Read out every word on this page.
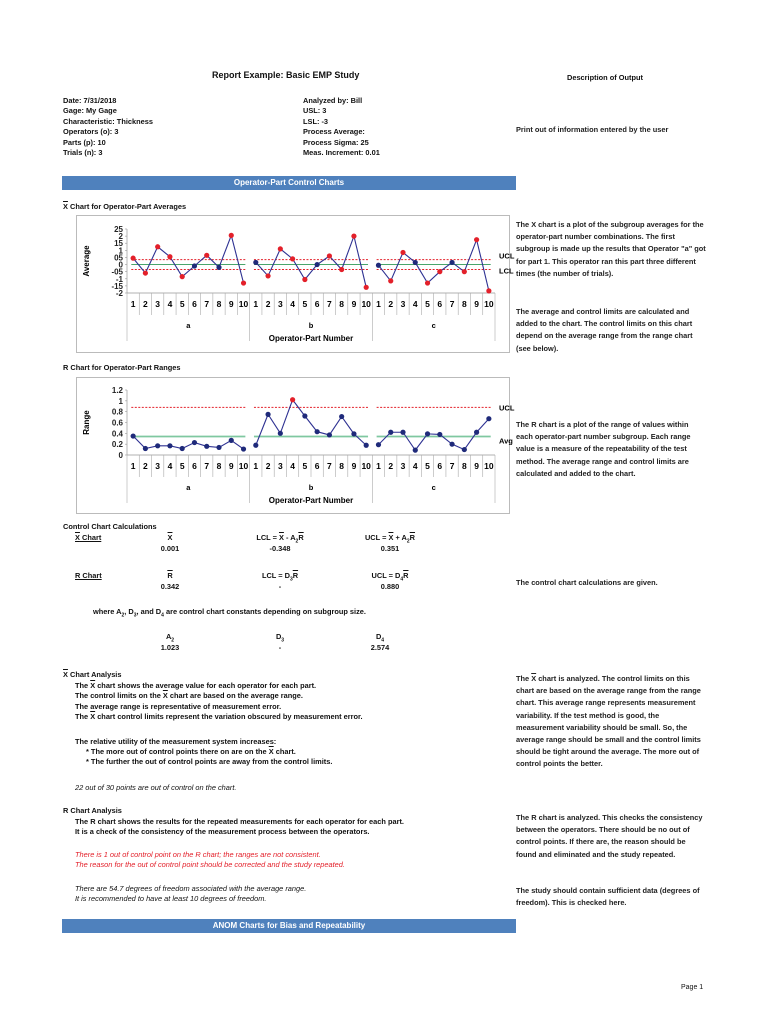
Report Example: Basic EMP Study	Description of Output
Date: 7/31/2018
Gage: My Gage
Characteristic: Thickness
Operators (o): 3
Parts (p): 10
Trials (n): 3
Analyzed by: Bill
USL: 3
LSL: -3
Process Average:
Process Sigma: 25
Meas. Increment: 0.01
Print out of information entered by the user
Operator-Part Control Charts
$\overline{X}$ Chart for Operator-Part Averages
25
2
15
1
05
0
-05
-1
-15
-2
Average
1 2 3 4 5 6 7 8 9 10
a
1 2 3 4 5 6 7 8 9 10
b
1 2 3 4 5 6 7 8 9 10
c
Operator-Part Number
UCL
LCL
The X chart is a plot of the subgroup averages for the operator-part number combinations. The first subgroup is made up the results that Operator "a" got for part 1. This operator ran this part three different times (the number of trials).
The average and control limits are calculated and added to the chart. The control limits on this chart depend on the average range from the range chart (see below).
R Chart for Operator-Part Ranges
1.2
1
0.8
0.6
0.4
0.2
0
Range
1 2 3 4 5 6 7 8 9 10
a
1 2 3 4 5 6 7 8 9 10
b
1 2 3 4 5 6 7 8 9 10
c
Operator-Part Number
UCL
Avg
The R chart is a plot of the range of values within each operator-part number subgroup. Each range value is a measure of the repeatability of the test method. The average range and control limits are calculated and added to the chart.
Control Chart Calculations
X Chart	$\overline{X}$
0.001
LCL = $\overline{X} - A_2\overline{R}$
-0.348
UCL = $\overline{X} + A_2\overline{R}$
0.351
R Chart	$\overline{R}$
0.342
LCL = $D_3\overline{R}$
-
UCL = $D_4\overline{R}$
0.880	The control chart calculations are given.
where $A_2$, $D_3$, and $D_4$ are control chart constants depending on subgroup size.
$A_2$
1.023
$D_3$
-
$D_4$
2.574
$\overline{X}$ Chart Analysis
The $\overline{X}$ chart shows the average value for each operator for each part.
The control limits on the $\overline{X}$ chart are based on the average range.
The average range is representative of measurement error.
The $\overline{X}$ chart control limits represent the variation obscured by measurement error.
The relative utility of the measurement system increases:
* The more out of control points there on are on the $\overline{X}$ chart.
* The further the out of control points are away from the control limits.
22 out of 30 points are out of control on the chart.
The $\overline{X}$ chart is analyzed. The control limits on this chart are based on the average range from the range chart. This average range represents measurement variability. If the test method is good, the measurement variability should be small. So, the average range should be small and the control limits should be tight around the average. The more out of control points the better.
R Chart Analysis
The R chart shows the results for the repeated measurements for each operator for each part.
It is a check of the consistency of the measurement process between the operators.
There is 1 out of control point on the R chart; the ranges are not consistent.
The reason for the out of control point should be corrected and the study repeated.
There are 54.7 degrees of freedom associated with the average range.
It is recommended to have at least 10 degrees of freedom.
The R chart is analyzed. This checks the consistency between the operators. There should be no out of control points. If there are, the reason should be found and eliminated and the study repeated.
The study should contain sufficient data (degrees of freedom). This is checked here.
ANOM Charts for Bias and Repeatability
Page 1
